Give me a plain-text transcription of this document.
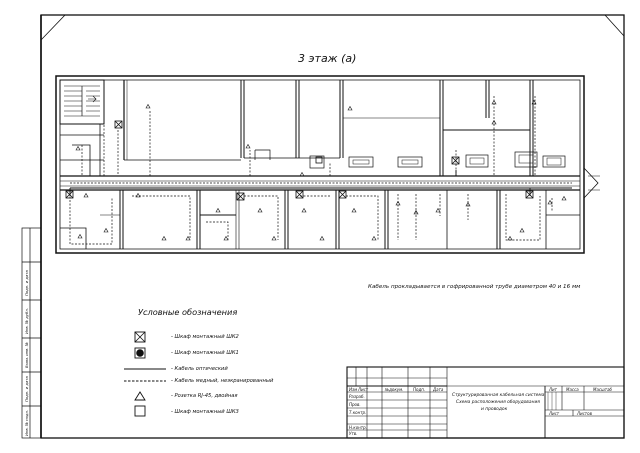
3 этаж (а)
Кабель прокладывается в гофрированной трубе диаметром 40 и 16 мм
Условные обозначения
- Шкаф монтажный ШК2
- Шкаф монтажный ШК1
- Кабель оптический
- Кабель медный, неэкранированный
- Розетка RJ-45, двойная
- Шкаф монтажный ШК3
Изм Лист	№докум. Подп. Дата
Разраб.
Пров.
Т.контр.
Н.контр.
Утв.
Структурированная кабельная система
Схема расположения оборудования
и проводок
Лит Масса	Масштаб
Лист	Листов
Инв. № подл.
Подп. и дата
Взам. инв. №
Инв. № дубл.
Подп. и дата
